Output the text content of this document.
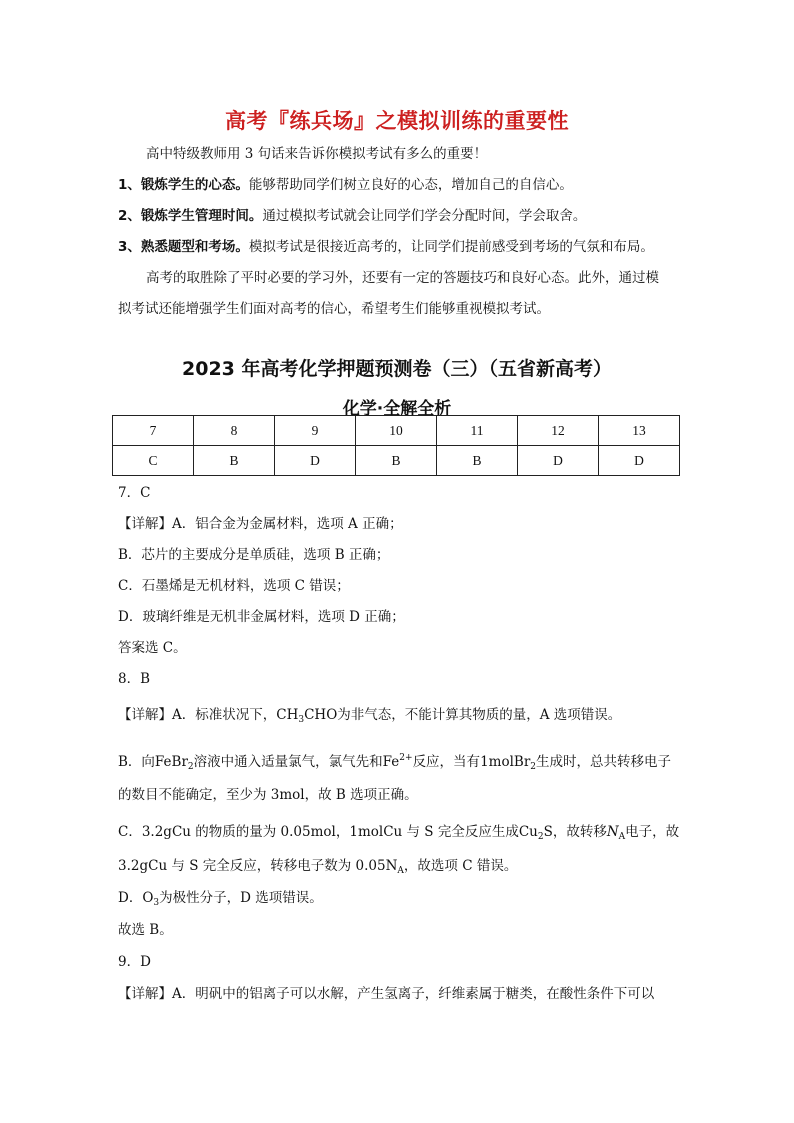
高考『练兵场』之模拟训练的重要性
高中特级教师用 3 句话来告诉你模拟考试有多么的重要！
1、锻炼学生的心态。能够帮助同学们树立良好的心态，增加自己的自信心。
2、锻炼学生管理时间。通过模拟考试就会让同学们学会分配时间，学会取舍。
3、熟悉题型和考场。模拟考试是很接近高考的，让同学们提前感受到考场的气氛和布局。
高考的取胜除了平时必要的学习外，还要有一定的答题技巧和良好心态。此外，通过模
拟考试还能增强学生们面对高考的信心，希望考生们能够重视模拟考试。
2023 年高考化学押题预测卷（三）（五省新高考）
化学·全解全析
7	8	9	10	11	12	13
C	B	D	B	B	D	D
7．C
【详解】A．铝合金为金属材料，选项 A 正确；
B．芯片的主要成分是单质硅，选项 B 正确；
C．石墨烯是无机材料，选项 C 错误；
D．玻璃纤维是无机非金属材料，选项 D 正确；
答案选 C。
8．B
【详解】A．标准状况下，$CH_3CHO$为非气态，不能计算其物质的量，A 选项错误。
B．向FeBr$_2$溶液中通入适量氯气，氯气先和$Fe^{2+}$反应，当有1molBr$_2$生成时，总共转移电子
的数目不能确定，至少为 3mol，故 B 选项正确。
C．3.2gCu 的物质的量为 0.05mol，1molCu 与 S 完全反应生成$Cu_2S$，故转移$N_A$电子，故
3.2gCu 与 S 完全反应，转移电子数为 $0.05N_A$，故选项 C 错误。
D．$O_3$为极性分子，D 选项错误。
故选 B。
9．D
【详解】A．明矾中的铝离子可以水解，产生氢离子，纤维素属于糖类，在酸性条件下可以
